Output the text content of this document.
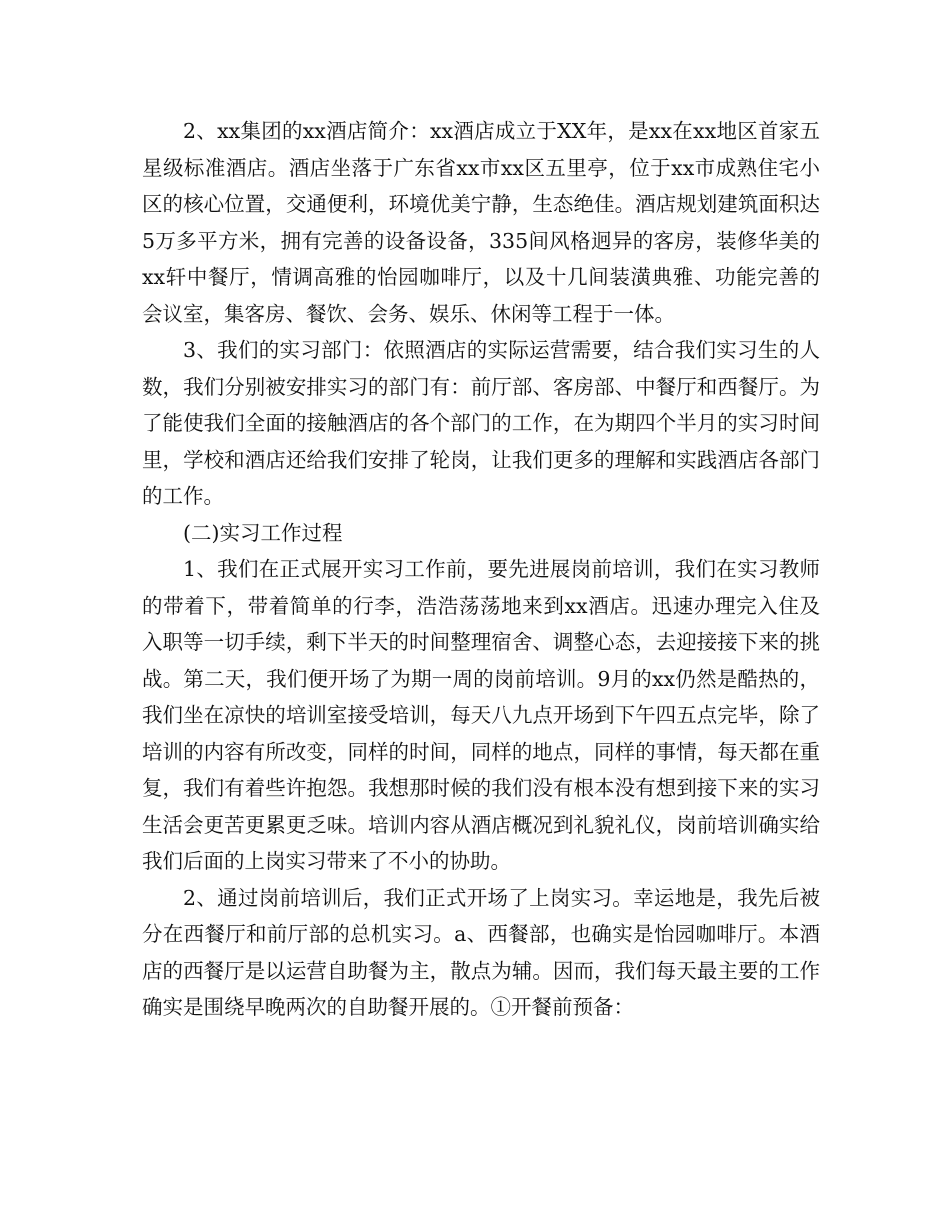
2、xx集团的xx酒店简介：xx酒店成立于XX年，是xx在xx地区首家五星级标准酒店。酒店坐落于广东省xx市xx区五里亭，位于xx市成熟住宅小区的核心位置，交通便利，环境优美宁静，生态绝佳。酒店规划建筑面积达5万多平方米，拥有完善的设备设备，335间风格迥异的客房，装修华美的xx轩中餐厅，情调高雅的怡园咖啡厅，以及十几间装潢典雅、功能完善的会议室，集客房、餐饮、会务、娱乐、休闲等工程于一体。

3、我们的实习部门：依照酒店的实际运营需要，结合我们实习生的人数，我们分别被安排实习的部门有：前厅部、客房部、中餐厅和西餐厅。为了能使我们全面的接触酒店的各个部门的工作，在为期四个半月的实习时间里，学校和酒店还给我们安排了轮岗，让我们更多的理解和实践酒店各部门的工作。

(二)实习工作过程

1、我们在正式展开实习工作前，要先进展岗前培训，我们在实习教师的带着下，带着简单的行李，浩浩荡荡地来到xx酒店。迅速办理完入住及入职等一切手续，剩下半天的时间整理宿舍、调整心态，去迎接接下来的挑战。第二天，我们便开场了为期一周的岗前培训。9月的xx仍然是酷热的，我们坐在凉快的培训室接受培训，每天八九点开场到下午四五点完毕，除了培训的内容有所改变，同样的时间，同样的地点，同样的事情，每天都在重复，我们有着些许抱怨。我想那时候的我们没有根本没有想到接下来的实习生活会更苦更累更乏味。培训内容从酒店概况到礼貌礼仪，岗前培训确实给我们后面的上岗实习带来了不小的协助。

2、通过岗前培训后，我们正式开场了上岗实习。幸运地是，我先后被分在西餐厅和前厅部的总机实习。a、西餐部，也确实是怡园咖啡厅。本酒店的西餐厅是以运营自助餐为主，散点为辅。因而，我们每天最主要的工作确实是围绕早晚两次的自助餐开展的。①开餐前预备：
